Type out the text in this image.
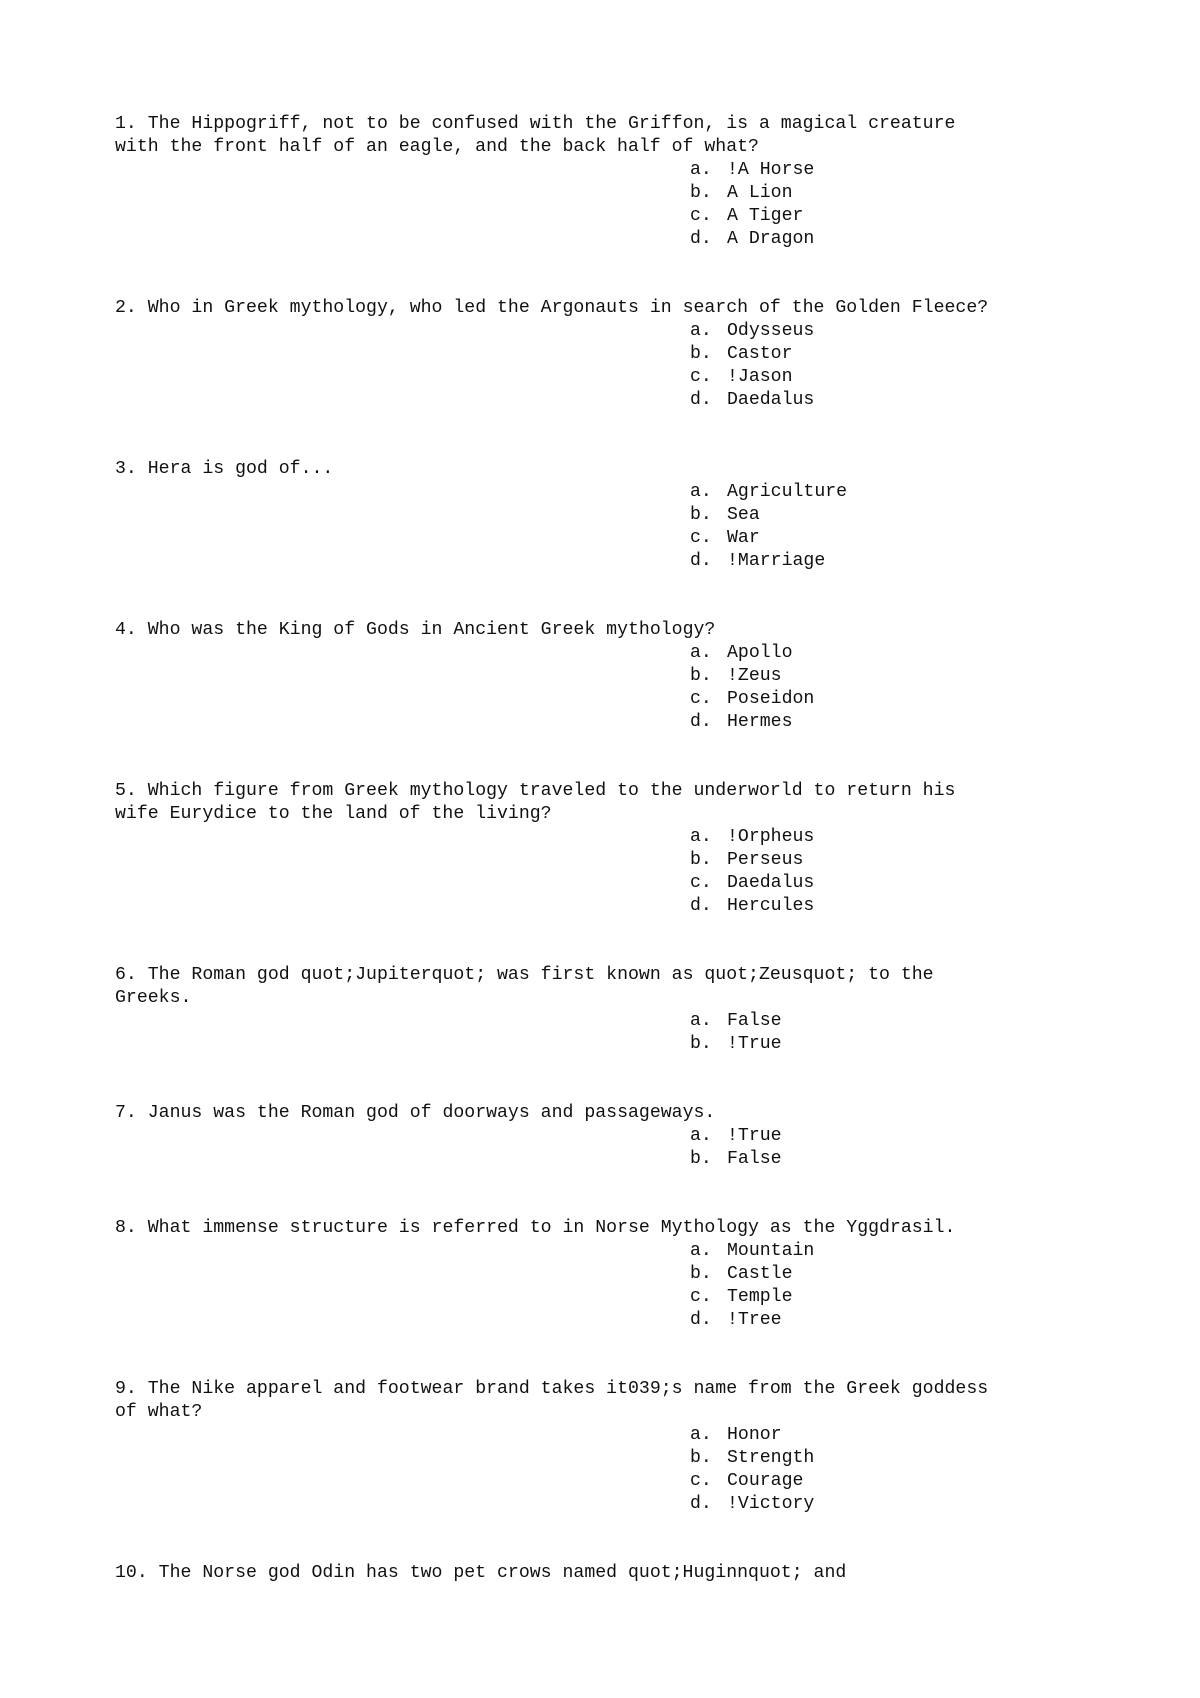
1. The Hippogriff, not to be confused with the Griffon, is a magical creature
with the front half of an eagle, and the back half of what?

a. !A Horse
b. A Lion
c. A Tiger
d. A Dragon

2. Who in Greek mythology, who led the Argonauts in search of the Golden Fleece?

a. Odysseus
b. Castor
c. !Jason
d. Daedalus

3. Hera is god of...

a. Agriculture
b. Sea
c. War
d. !Marriage

4. Who was the King of Gods in Ancient Greek mythology?

a. Apollo
b. !Zeus
c. Poseidon
d. Hermes

5. Which figure from Greek mythology traveled to the underworld to return his
wife Eurydice to the land of the living?

a. !Orpheus
b. Perseus
c. Daedalus
d. Hercules

6. The Roman god quot;Jupiterquot; was first known as quot;Zeusquot; to the
Greeks.

a. False
b. !True

7. Janus was the Roman god of doorways and passageways.

a. !True
b. False

8. What immense structure is referred to in Norse Mythology as the Yggdrasil.

a. Mountain
b. Castle
c. Temple
d. !Tree

9. The Nike apparel and footwear brand takes it039;s name from the Greek goddess
of what?

a. Honor
b. Strength
c. Courage
d. !Victory

10. The Norse god Odin has two pet crows named quot;Huginnquot; and
